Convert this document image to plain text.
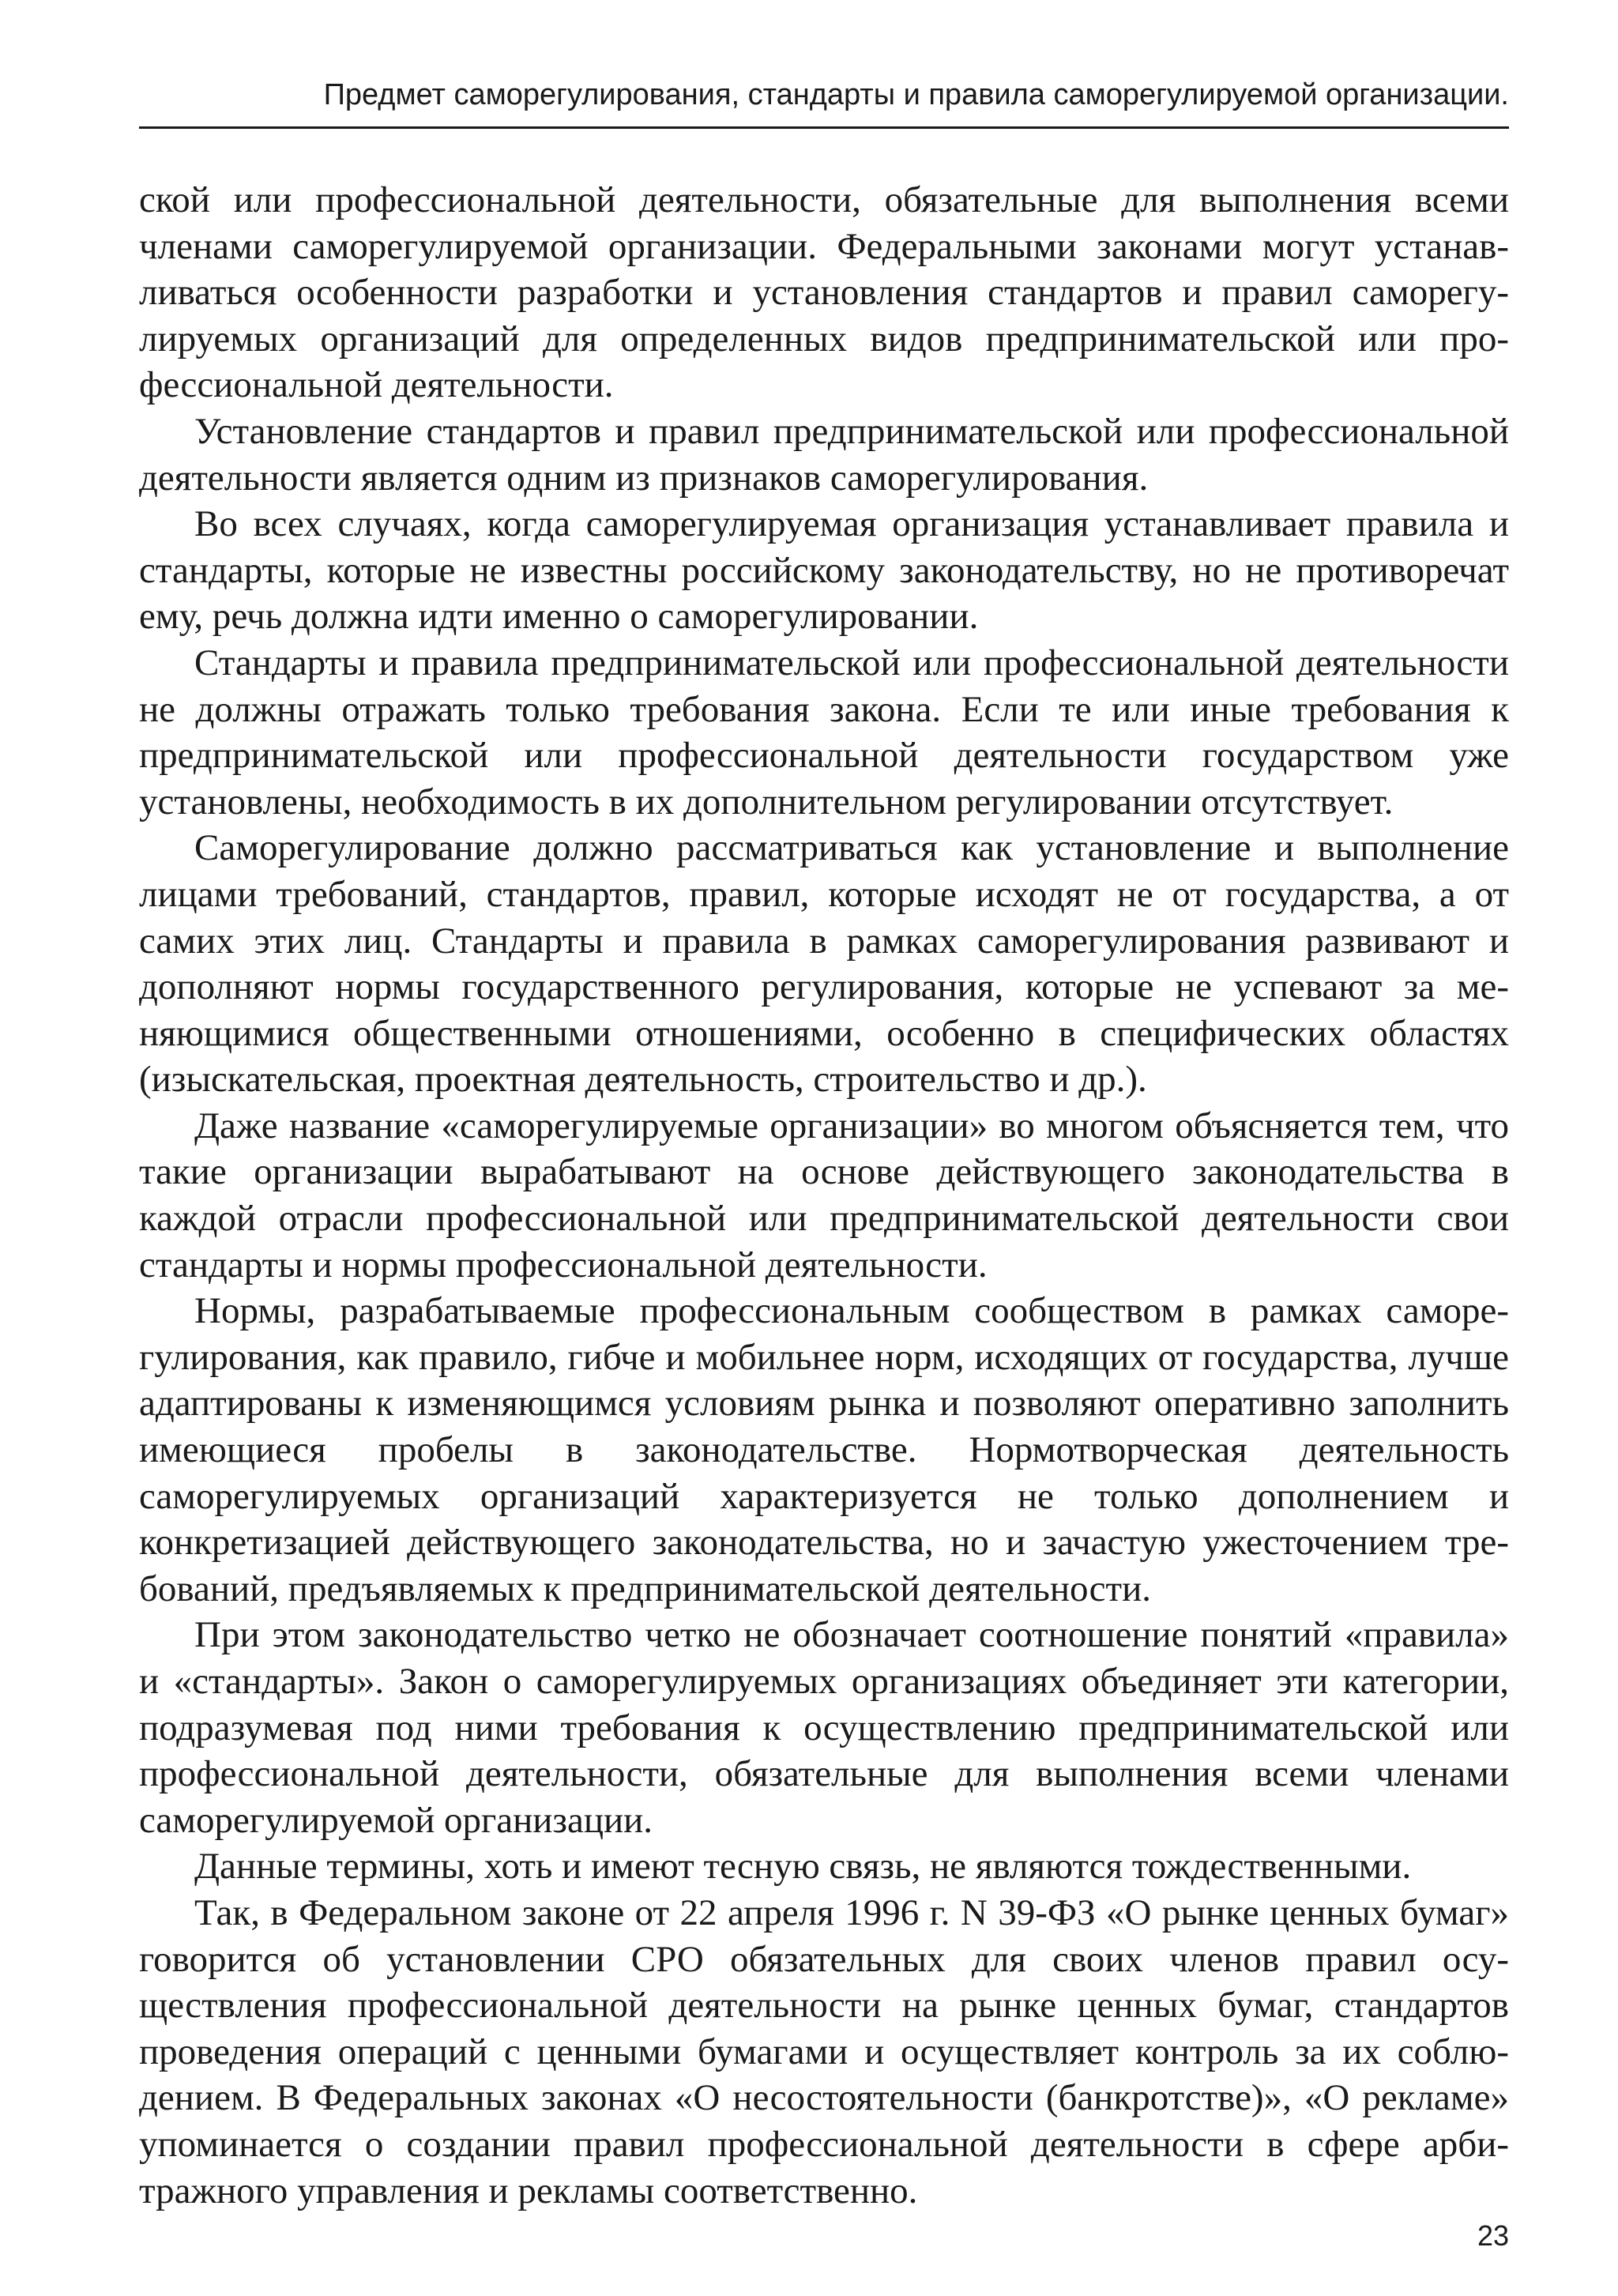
Предмет саморегулирования, стандарты и правила саморегулируемой организации.

ской или профессиональной деятельности, обязательные для выполнения всеми членами саморегулируемой организации. Федеральными законами могут устанавливаться особенности разработки и установления стандартов и правил саморегулируемых организаций для определенных видов предпринимательской или профессиональной деятельности.

Установление стандартов и правил предпринимательской или профессиональной деятельности является одним из признаков саморегулирования.

Во всех случаях, когда саморегулируемая организация устанавливает правила и стандарты, которые не известны российскому законодательству, но не противоречат ему, речь должна идти именно о саморегулировании.

Стандарты и правила предпринимательской или профессиональной деятельности не должны отражать только требования закона. Если те или иные требования к предпринимательской или профессиональной деятельности государством уже установлены, необходимость в их дополнительном регулировании отсутствует.

Саморегулирование должно рассматриваться как установление и выполнение лицами требований, стандартов, правил, которые исходят не от государства, а от самих этих лиц. Стандарты и правила в рамках саморегулирования развивают и дополняют нормы государственного регулирования, которые не успевают за меняющимися общественными отношениями, особенно в специфических областях (изыскательская, проектная деятельность, строительство и др.).

Даже название «саморегулируемые организации» во многом объясняется тем, что такие организации вырабатывают на основе действующего законодательства в каждой отрасли профессиональной или предпринимательской деятельности свои стандарты и нормы профессиональной деятельности.

Нормы, разрабатываемые профессиональным сообществом в рамках саморегулирования, как правило, гибче и мобильнее норм, исходящих от государства, лучше адаптированы к изменяющимся условиям рынка и позволяют оперативно заполнить имеющиеся пробелы в законодательстве. Нормотворческая деятельность саморегулируемых организаций характеризуется не только дополнением и конкретизацией действующего законодательства, но и зачастую ужесточением требований, предъявляемых к предпринимательской деятельности.

При этом законодательство четко не обозначает соотношение понятий «правила» и «стандарты». Закон о саморегулируемых организациях объединяет эти категории, подразумевая под ними требования к осуществлению предпринимательской или профессиональной деятельности, обязательные для выполнения всеми членами саморегулируемой организации.

Данные термины, хоть и имеют тесную связь, не являются тождественными.

Так, в Федеральном законе от 22 апреля 1996 г. N 39-ФЗ «О рынке ценных бумаг» говорится об установлении СРО обязательных для своих членов правил осуществления профессиональной деятельности на рынке ценных бумаг, стандартов проведения операций с ценными бумагами и осуществляет контроль за их соблюдением. В Федеральных законах «О несостоятельности (банкротстве)», «О рекламе» упоминается о создании правил профессиональной деятельности в сфере арбитражного управления и рекламы соответственно.

23
